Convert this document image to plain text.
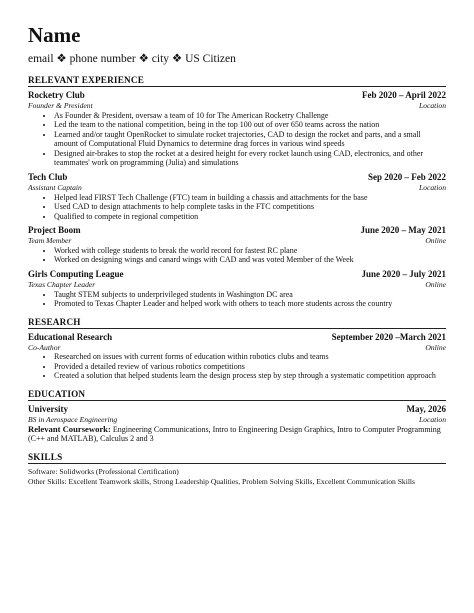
Name
email ❖ phone number ❖ city ❖ US Citizen
RELEVANT EXPERIENCE
Rocketry Club	Feb 2020 – April 2022
Founder & President	Location
• As Founder & President, oversaw a team of 10 for The American Rocketry Challenge
• Led the team to the national competition, being in the top 100 out of over 650 teams across the nation
• Learned and/or taught OpenRocket to simulate rocket trajectories, CAD to design the rocket and parts, and a small amount of Computational Fluid Dynamics to determine drag forces in various wind speeds
• Designed air-brakes to stop the rocket at a desired height for every rocket launch using CAD, electronics, and other teammates' work on programming (Julia) and simulations
Tech Club	Sep 2020 – Feb 2022
Assistant Captain	Location
• Helped lead FIRST Tech Challenge (FTC) team in building a chassis and attachments for the base
• Used CAD to design attachments to help complete tasks in the FTC competitions
• Qualified to compete in regional competition
Project Boom	June 2020 – May 2021
Team Member	Online
• Worked with college students to break the world record for fastest RC plane
• Worked on designing wings and canard wings with CAD and was voted Member of the Week
Girls Computing League	June 2020 – July 2021
Texas Chapter Leader	Online
• Taught STEM subjects to underprivileged students in Washington DC area
• Promoted to Texas Chapter Leader and helped work with others to teach more students across the country
RESEARCH
Educational Research	September 2020 –March 2021
Co-Author	Online
• Researched on issues with current forms of education within robotics clubs and teams
• Provided a detailed review of various robotics competitions
• Created a solution that helped students learn the design process step by step through a systematic competition approach
EDUCATION
University	May, 2026
BS in Aerospace Engineering	Location
Relevant Coursework: Engineering Communications, Intro to Engineering Design Graphics, Intro to Computer Programming (C++ and MATLAB), Calculus 2 and 3
SKILLS
Software: Solidworks (Professional Certification)
Other Skills: Excellent Teamwork skills, Strong Leadership Qualities, Problem Solving Skills, Excellent Communication Skills
